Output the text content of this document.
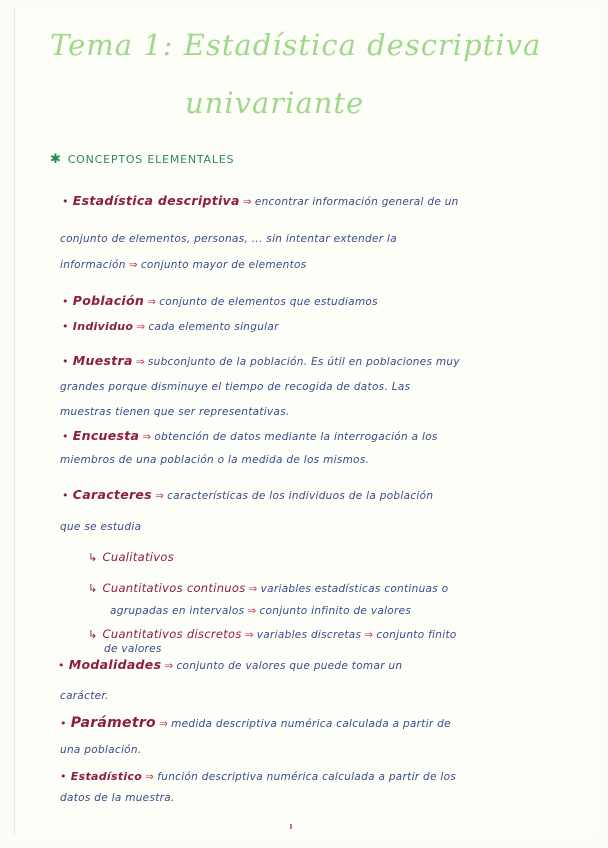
Tema 1: Estadística descriptiva
univariante
✱ CONCEPTOS ELEMENTALES
• Estadística descriptiva ⇒ encontrar información general de un
conjunto de elementos, personas, ... sin intentar extender la
información ⇒ conjunto mayor de elementos
• Población ⇒ conjunto de elementos que estudiamos
• Individuo ⇒ cada elemento singular
• Muestra ⇒ subconjunto de la población. Es útil en poblaciones muy
grandes porque disminuye el tiempo de recogida de datos. Las
muestras tienen que ser representativas.
• Encuesta ⇒ obtención de datos mediante la interrogación a los
miembros de una población o la medida de los mismos.
• Caracteres ⇒ características de los individuos de la población
que se estudia
↳ Cualitativos
↳ Cuantitativos continuos ⇒ variables estadísticas continuas o
agrupadas en intervalos ⇒ conjunto infinito de valores
↳ Cuantitativos discretos ⇒ variables discretas ⇒ conjunto finito
de valores
• Modalidades ⇒ conjunto de valores que puede tomar un
carácter.
• Parámetro ⇒ medida descriptiva numérica calculada a partir de
una población.
• Estadístico ⇒ función descriptiva numérica calculada a partir de los
datos de la muestra.
